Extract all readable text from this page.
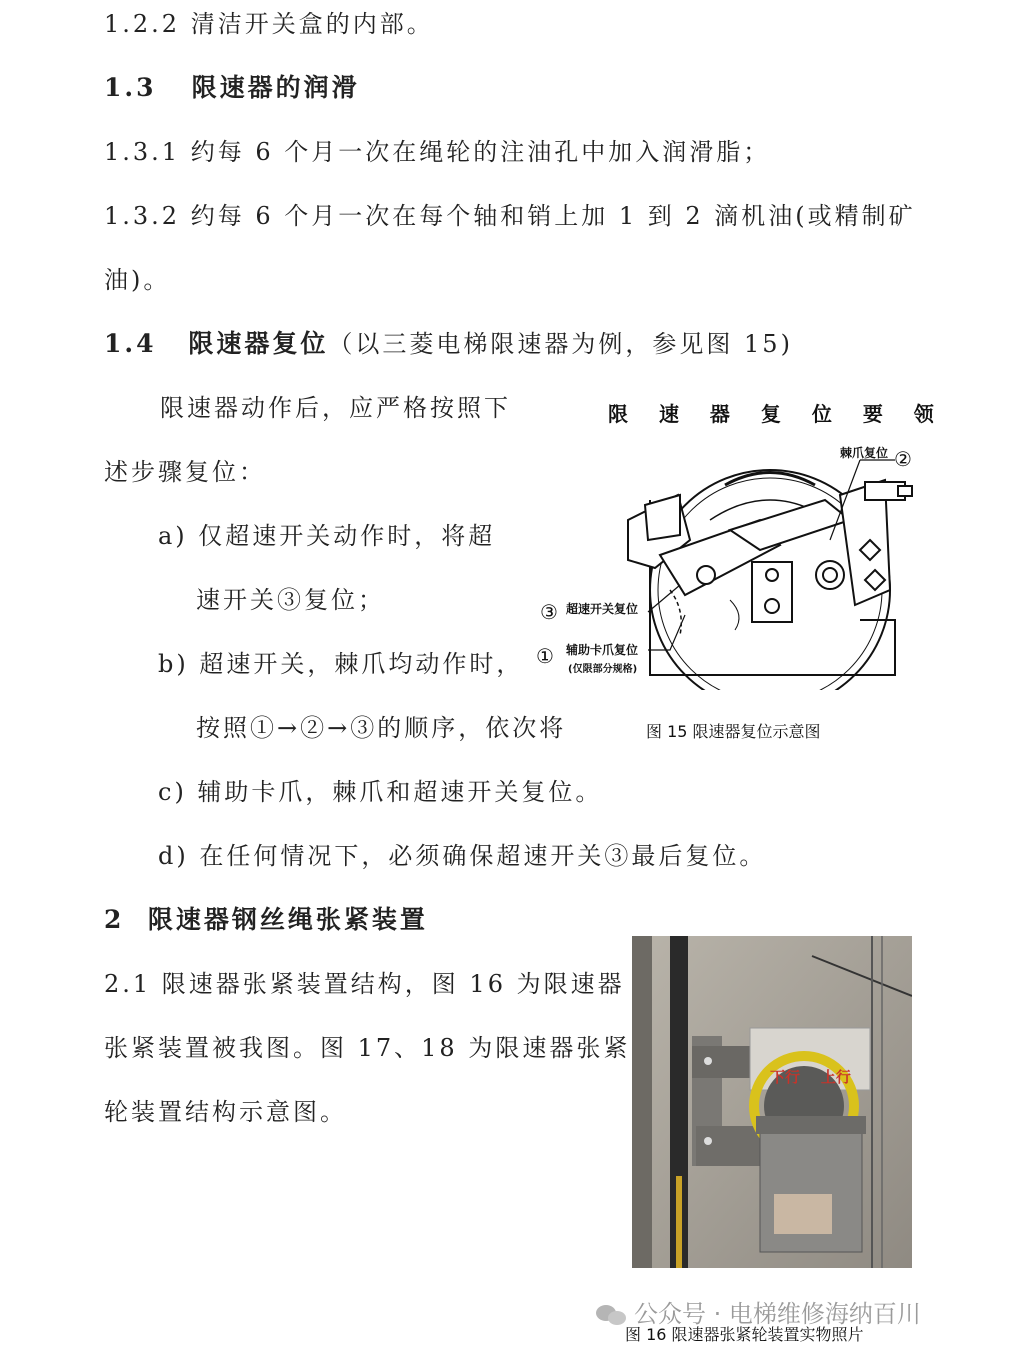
1.2.2 清洁开关盒的内部。
1.3 限速器的润滑
1.3.1 约每 6 个月一次在绳轮的注油孔中加入润滑脂；
1.3.2 约每 6 个月一次在每个轴和销上加 1 到 2 滴机油(或精制矿
油)。
1.4 限速器复位（以三菱电梯限速器为例，参见图 15)
限速器动作后，应严格按照下
述步骤复位：
a) 仅超速开关动作时，将超
速开关③复位；
b) 超速开关，棘爪均动作时，
按照①→②→③的顺序，依次将
c) 辅助卡爪，棘爪和超速开关复位。
d) 在任何情况下，必须确保超速开关③最后复位。
2 限速器钢丝绳张紧装置
2.1 限速器张紧装置结构，图 16 为限速器
张紧装置被我图。图 17、18 为限速器张紧
轮装置结构示意图。
限 速 器 复 位 要 领
棘爪复位 ②
③ 超速开关复位
① 辅助卡爪复位
(仅限部分规格)
图 15 限速器复位示意图
下行 上行
公众号 · 电梯维修海纳百川
图 16 限速器张紧轮装置实物照片
